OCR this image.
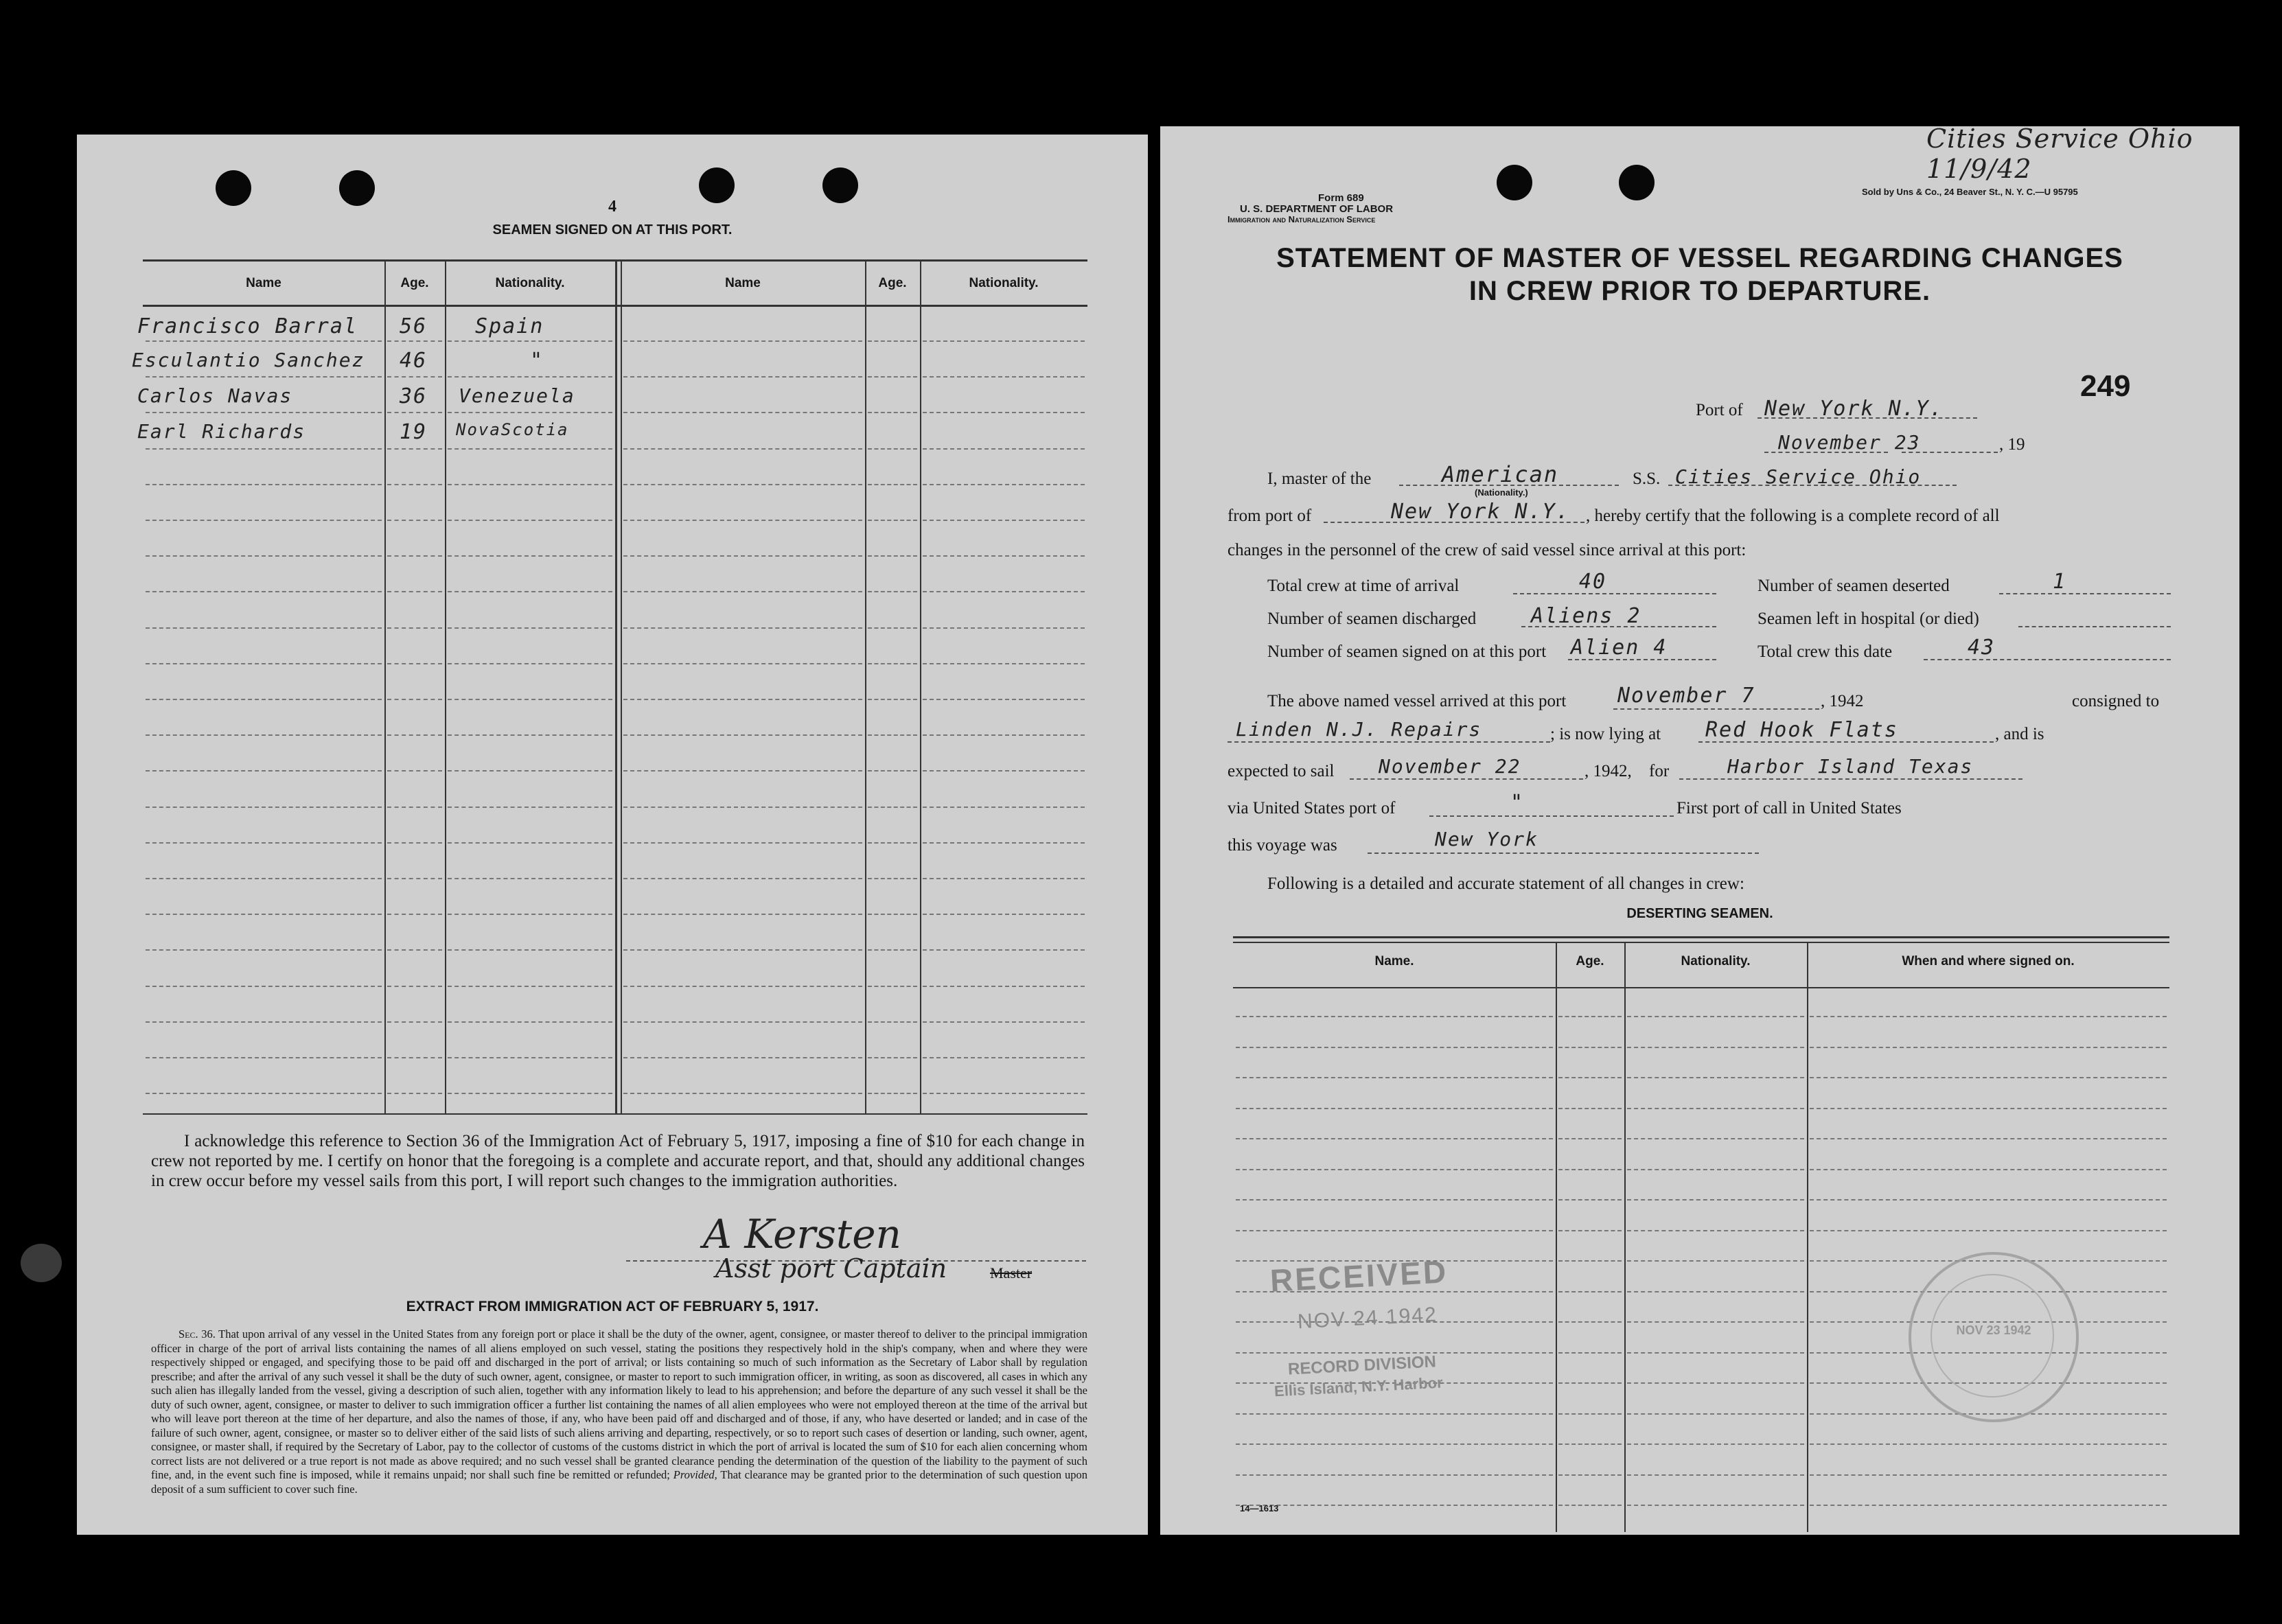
4
SEAMEN SIGNED ON AT THIS PORT.
Name	Age.	Nationality.	Name	Age.	Nationality.
Francisco Barral 56 Spain
Esculantio Sanchez 46	"
Carlos Navas	36 Venezuela
Earl Richards	19 NovaScotia
I acknowledge this reference to Section 36 of the Immigration Act of February 5, 1917, imposing a fine of $10 for each change in crew not reported by me. I certify on honor that the foregoing is a complete and accurate report, and that, should any additional changes in crew occur before my vessel sails from this port, I will report such changes to the immigration authorities.
A Kersten
Asst port Captain	Master
EXTRACT FROM IMMIGRATION ACT OF FEBRUARY 5, 1917.

Sec. 36. That upon arrival of any vessel in the United States from any foreign port or place it shall be the duty of the owner, agent, consignee, or master thereof to deliver to the principal immigration officer in charge of the port of arrival lists containing the names of all aliens employed on such vessel, stating the positions they respectively hold in the ship's company, when and where they were respectively shipped or engaged, and specifying those to be paid off and discharged in the port of arrival; or lists containing so much of such information as the Secretary of Labor shall by regulation prescribe; and after the arrival of any such vessel it shall be the duty of such owner, agent, consignee, or master to report to such immigration officer, in writing, as soon as discovered, all cases in which any such alien has illegally landed from the vessel, giving a description of such alien, together with any information likely to lead to his apprehension; and before the departure of any such vessel it shall be the duty of such owner, agent, consignee, or master to deliver to such immigration officer a further list containing the names of all alien employees who were not employed thereon at the time of the arrival but who will leave port thereon at the time of her departure, and also the names of those, if any, who have been paid off and discharged and of those, if any, who have deserted or landed; and in case of the failure of such owner, agent, consignee, or master so to deliver either of the said lists of such aliens arriving and departing, respectively, or so to report such cases of desertion or landing, such owner, agent, consignee, or master shall, if required by the Secretary of Labor, pay to the collector of customs of the customs district in which the port of arrival is located the sum of $10 for each alien concerning whom correct lists are not delivered or a true report is not made as above required; and no such vessel shall be granted clearance pending the determination of the question of the liability to the payment of such fine, and, in the event such fine is imposed, while it remains unpaid; nor shall such fine be remitted or refunded; Provided, That clearance may be granted prior to the determination of such question upon deposit of a sum sufficient to cover such fine.

Cities Service Ohio 11/9/42
Form 689
U. S. DEPARTMENT OF LABOR
Immigration and Naturalization Service
Sold by Uns & Co., 24 Beaver St., N. Y. C.—U 95795
STATEMENT OF MASTER OF VESSEL REGARDING CHANGES
IN CREW PRIOR TO DEPARTURE.
249
Port of New York N.Y.
November 23	, 19
I, master of the	American
(Nationality.)
S.S. Cities Service Ohio
from port of	New York N.Y. , hereby certify that the following is a complete record of all
changes in the personnel of the crew of said vessel since arrival at this port:
Total crew at time of arrival	40	Number of seamen deserted	1
Number of seamen discharged	Aliens 2	Seamen left in hospital (or died)
Number of seamen signed on at this port Alien 4	Total crew this date	43
The above named vessel arrived at this port November 7	, 1942	consigned to
Linden N.J. Repairs	; is now lying at Red Hook Flats	, and is
expected to sail November 22	, 1942, for	Harbor Island Texas
via United States port of	"	First port of call in United States
this voyage was	New York
Following is a detailed and accurate statement of all changes in crew:
DESERTING SEAMEN.
Name.	Age.	Nationality.	When and where signed on.
RECEIVED
NOV 24 1942
RECORD DIVISION
Ellis Island, N.Y. Harbor
NOV 23 1942
14—1613
